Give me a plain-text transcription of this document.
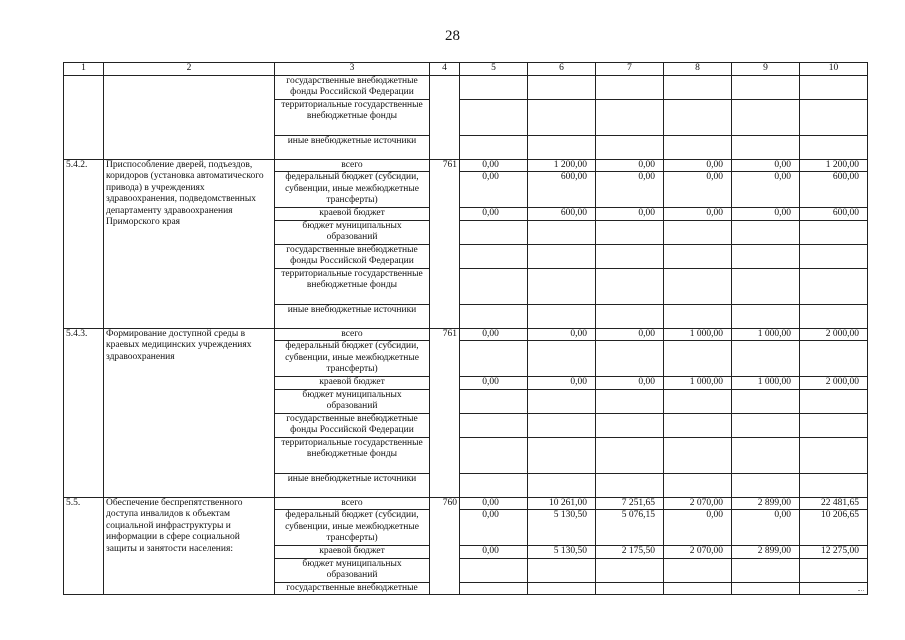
28
1	2	3	4	5	6	7	8	9	10
		государственные внебюджетные фонды Российской Федерации							
		территориальные государственные внебюджетные фонды							
		иные внебюджетные источники							
5.4.2.	Приспособление дверей, подъездов, коридоров (установка автоматического привода) в учреждениях здравоохранения, подведомственных департаменту здравоохранения Приморского края	всего	761	0,00	1 200,00	0,00	0,00	0,00	1 200,00
		федеральный бюджет (субсидии, субвенции, иные межбюджетные трансферты)		0,00	600,00	0,00	0,00	0,00	600,00
		краевой бюджет		0,00	600,00	0,00	0,00	0,00	600,00
		бюджет муниципальных образований							
		государственные внебюджетные фонды Российской Федерации							
		территориальные государственные внебюджетные фонды							
		иные внебюджетные источники							
5.4.3.	Формирование доступной среды в краевых медицинских учреждениях здравоохранения	всего	761	0,00	0,00	0,00	1 000,00	1 000,00	2 000,00
		федеральный бюджет (субсидии, субвенции, иные межбюджетные трансферты)							
		краевой бюджет		0,00	0,00	0,00	1 000,00	1 000,00	2 000,00
		бюджет муниципальных образований							
		государственные внебюджетные фонды Российской Федерации							
		территориальные государственные внебюджетные фонды							
		иные внебюджетные источники							
5.5.	Обеспечение беспрепятственного доступа инвалидов к объектам социальной инфраструктуры и информации в сфере социальной защиты и занятости населения:	всего	760	0,00	10 261,00	7 251,65	2 070,00	2 899,00	22 481,65
		федеральный бюджет (субсидии, субвенции, иные межбюджетные трансферты)		0,00	5 130,50	5 076,15	0,00	0,00	10 206,65
		краевой бюджет		0,00	5 130,50	2 175,50	2 070,00	2 899,00	12 275,00
		бюджет муниципальных образований							
		государственные внебюджетные							
